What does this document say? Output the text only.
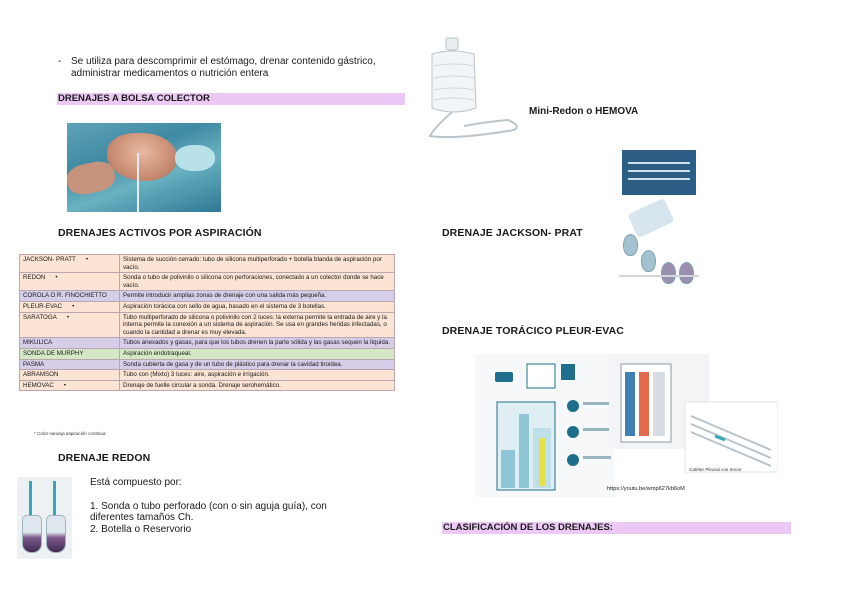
- Se utiliza para descomprimir el estómago, drenar contenido gástrico, administrar medicamentos o nutrición entera
DRENAJES A BOLSA COLECTOR
DRENAJES ACTIVOS POR ASPIRACIÓN
JACKSON- PRATT •	Sistema de succión cerrado: tubo de silicona multiperforado + botella blanda de aspiración por vacío.
REDON •	Sonda o tubo de polivinilo o silicona con perforaciones, conectado a un colector donde se hace vacío.
COROLA O R. FINOCHIETTO	Permite introducir amplias zonas de drenaje con una salida más pequeña.
PLEUR-EVAC •	Aspiración torácica con sello de agua, basado en el sistema de 3 botellas.
SARATOGA •	Tubo multiperforado de silicona o polivinilo con 2 luces: la externa permite la entrada de aire y la interna permite la conexión a un sistema de aspiración. Se usa en grandes heridas infectadas, o cuando la cantidad a drenar es muy elevada.
MIKULICA	Tubos anexados y gasas, para que los tubos drenen la parte sólida y las gasas sequen la líquida.
SONDA DE MURPHY	Aspiración endotraqueal.
PASMA	Sonda cubierta de gasa y de un tubo de plástico para drenar la cavidad tiroidea.
ABRAMSON	Tubo con (Mixto) 3 luces: aire, aspiración e irrigación.
HEMOVAC •	Drenaje de fuelle circular a sonda. Drenaje serohemático.
* Color naranja aspiración continua
DRENAJE REDON
Está compuesto por:
1. Sonda o tubo perforado (con o sin aguja guía), con diferentes tamaños Ch.
2. Botella o Reservorio
Mini-Redon o HEMOVA
DRENAJE JACKSON- PRAT
DRENAJE TORÁCICO PLEUR-EVAC
Catéter Pleural con trocar
https://youtu.be/wmp627kb6oM
CLASIFICACIÓN DE LOS DRENAJES:
